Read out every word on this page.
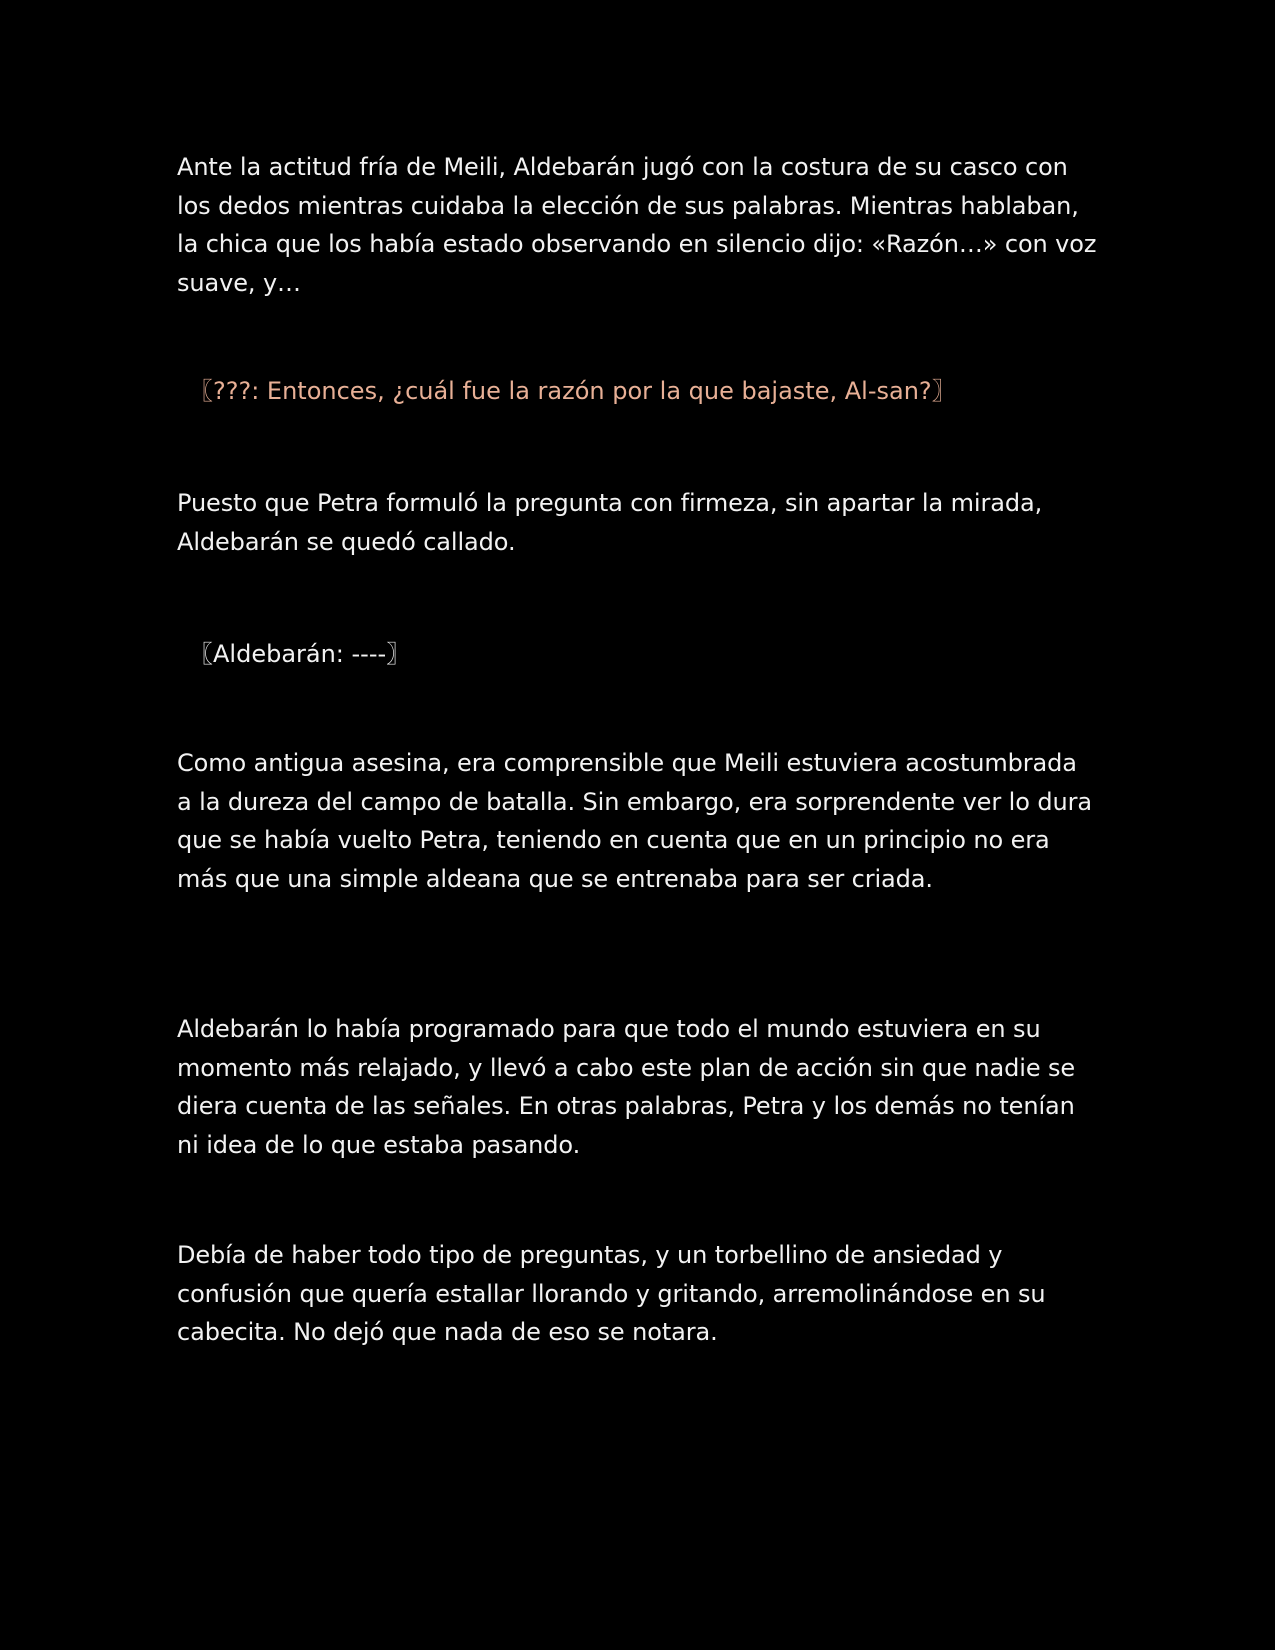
Ante la actitud fría de Meili, Aldebarán jugó con la costura de su casco con los dedos mientras cuidaba la elección de sus palabras. Mientras hablaban, la chica que los había estado observando en silencio dijo: «Razón…» con voz suave, y…

〖???: Entonces, ¿cuál fue la razón por la que bajaste, Al-san?〗

Puesto que Petra formuló la pregunta con firmeza, sin apartar la mirada, Aldebarán se quedó callado.

〖Aldebarán: ----〗

Como antigua asesina, era comprensible que Meili estuviera acostumbrada a la dureza del campo de batalla. Sin embargo, era sorprendente ver lo dura que se había vuelto Petra, teniendo en cuenta que en un principio no era más que una simple aldeana que se entrenaba para ser criada.

Aldebarán lo había programado para que todo el mundo estuviera en su momento más relajado, y llevó a cabo este plan de acción sin que nadie se diera cuenta de las señales. En otras palabras, Petra y los demás no tenían ni idea de lo que estaba pasando.

Debía de haber todo tipo de preguntas, y un torbellino de ansiedad y confusión que quería estallar llorando y gritando, arremolinándose en su cabecita. No dejó que nada de eso se notara.
